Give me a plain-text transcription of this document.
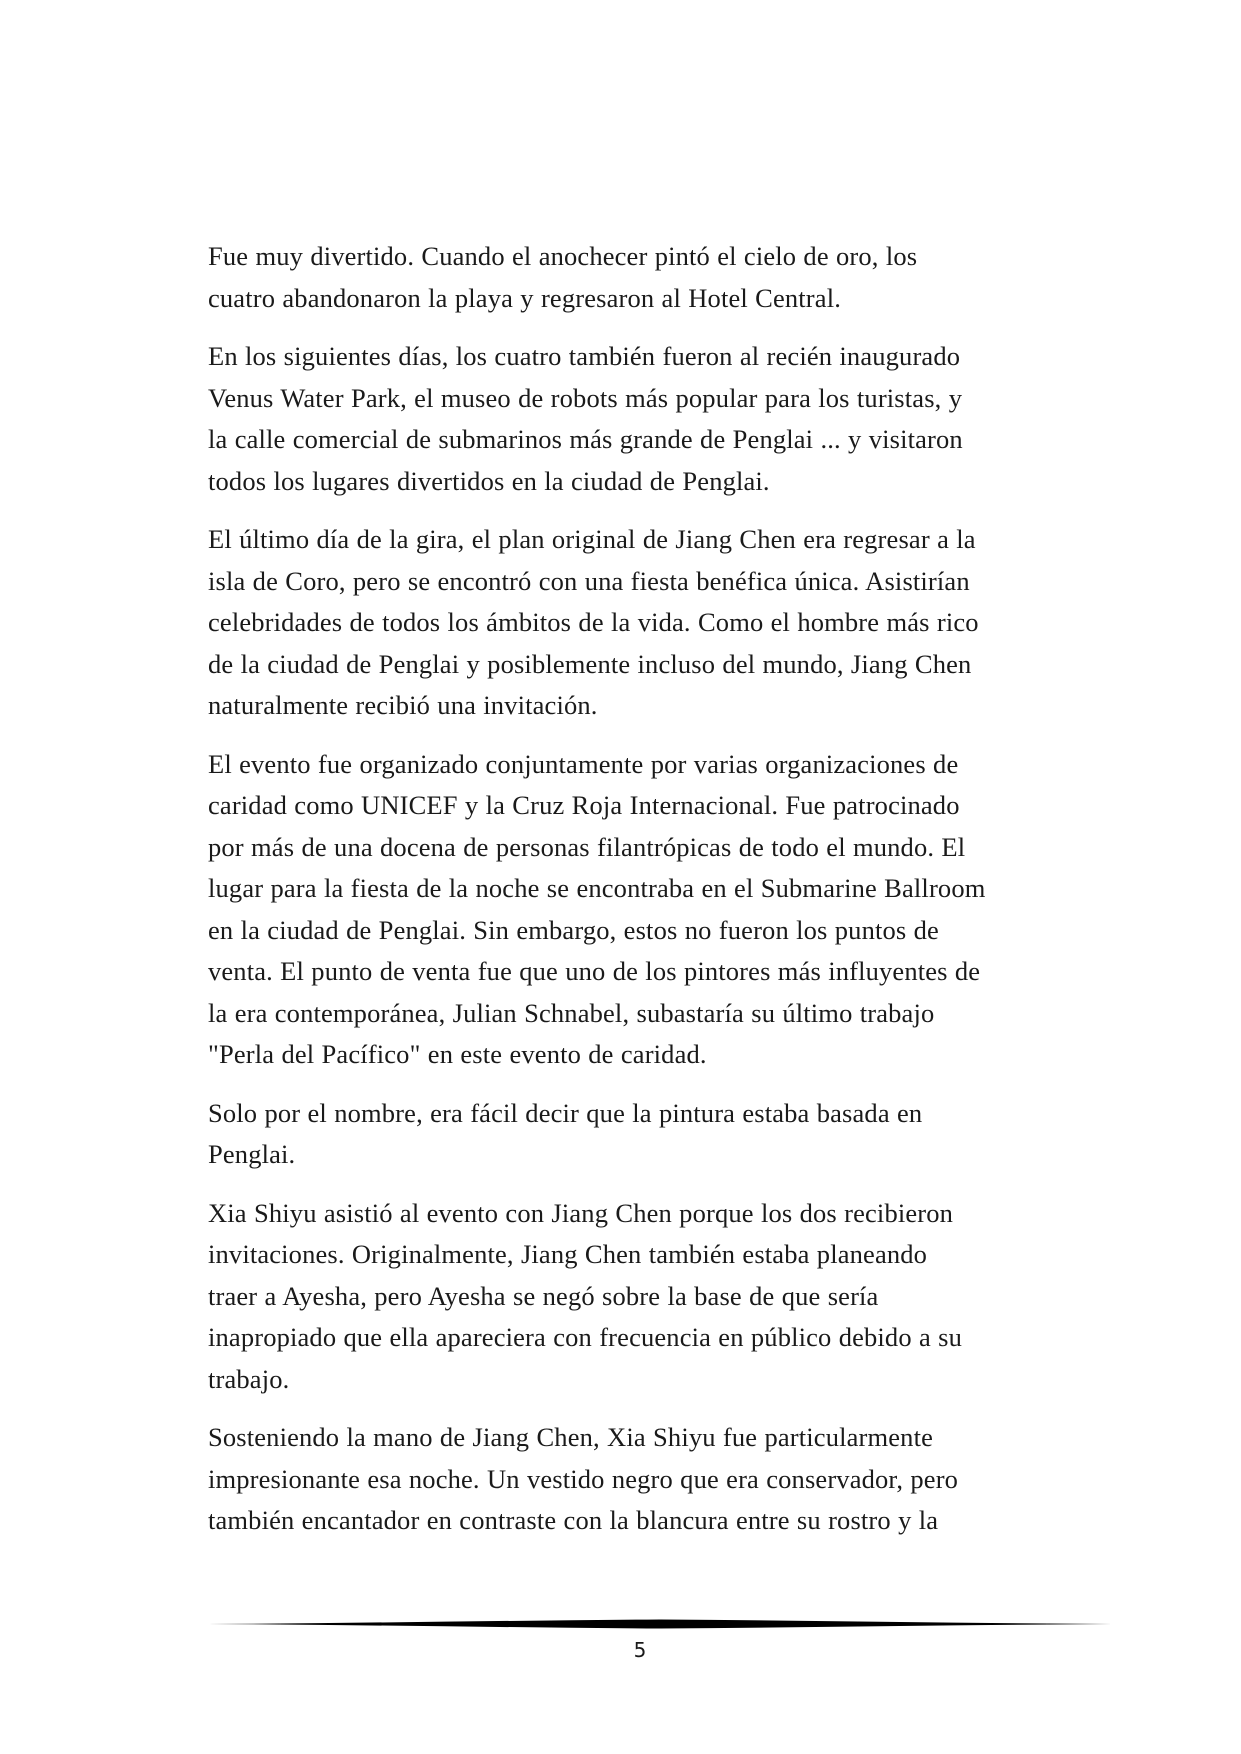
Fue muy divertido. Cuando el anochecer pintó el cielo de oro, los
cuatro abandonaron la playa y regresaron al Hotel Central.

En los siguientes días, los cuatro también fueron al recién inaugurado
Venus Water Park, el museo de robots más popular para los turistas, y
la calle comercial de submarinos más grande de Penglai ... y visitaron
todos los lugares divertidos en la ciudad de Penglai.

El último día de la gira, el plan original de Jiang Chen era regresar a la
isla de Coro, pero se encontró con una fiesta benéfica única. Asistirían
celebridades de todos los ámbitos de la vida. Como el hombre más rico
de la ciudad de Penglai y posiblemente incluso del mundo, Jiang Chen
naturalmente recibió una invitación.

El evento fue organizado conjuntamente por varias organizaciones de
caridad como UNICEF y la Cruz Roja Internacional. Fue patrocinado
por más de una docena de personas filantrópicas de todo el mundo. El
lugar para la fiesta de la noche se encontraba en el Submarine Ballroom
en la ciudad de Penglai. Sin embargo, estos no fueron los puntos de
venta. El punto de venta fue que uno de los pintores más influyentes de
la era contemporánea, Julian Schnabel, subastaría su último trabajo
"Perla del Pacífico" en este evento de caridad.

Solo por el nombre, era fácil decir que la pintura estaba basada en
Penglai.

Xia Shiyu asistió al evento con Jiang Chen porque los dos recibieron
invitaciones. Originalmente, Jiang Chen también estaba planeando
traer a Ayesha, pero Ayesha se negó sobre la base de que sería
inapropiado que ella apareciera con frecuencia en público debido a su
trabajo.

Sosteniendo la mano de Jiang Chen, Xia Shiyu fue particularmente
impresionante esa noche. Un vestido negro que era conservador, pero
también encantador en contraste con la blancura entre su rostro y la

5
